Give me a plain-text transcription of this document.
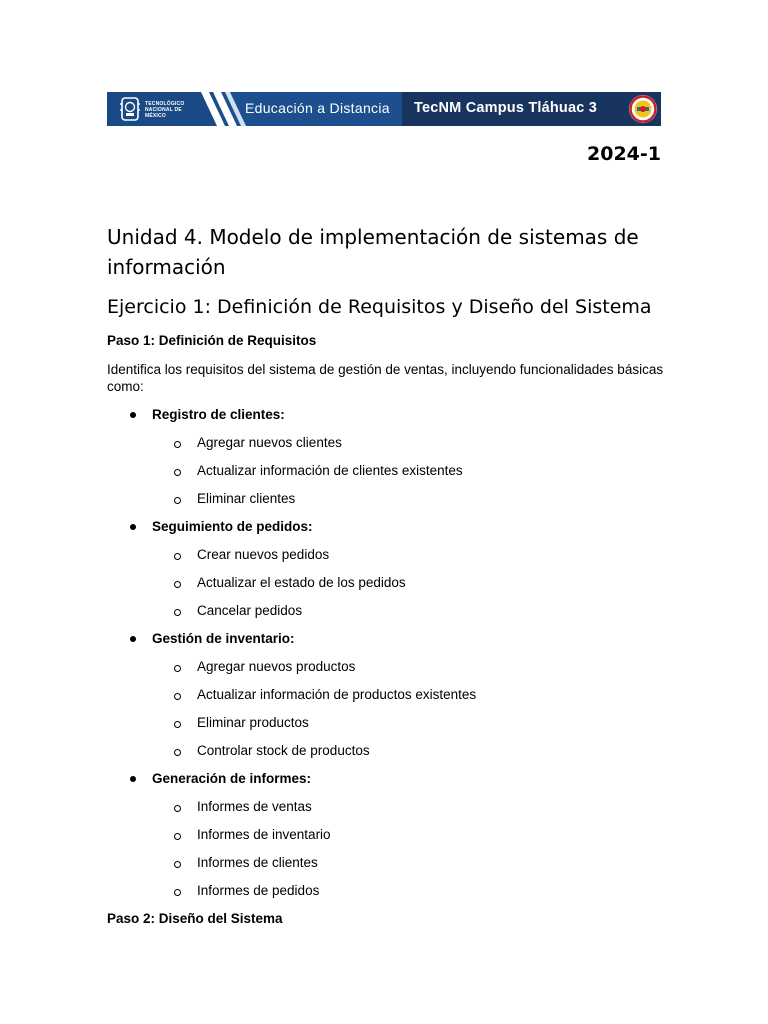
TECNOLÓGICO NACIONAL DE MÉXICO	Educación a Distancia TecNM Campus Tláhuac 3
2024-1
Unidad 4. Modelo de implementación de sistemas de información
Ejercicio 1: Definición de Requisitos y Diseño del Sistema
Paso 1: Definición de Requisitos
Identifica los requisitos del sistema de gestión de ventas, incluyendo funcionalidades básicas como:
Registro de clientes:
Agregar nuevos clientes
Actualizar información de clientes existentes
Eliminar clientes
Seguimiento de pedidos:
Crear nuevos pedidos
Actualizar el estado de los pedidos
Cancelar pedidos
Gestión de inventario:
Agregar nuevos productos
Actualizar información de productos existentes
Eliminar productos
Controlar stock de productos
Generación de informes:
Informes de ventas
Informes de inventario
Informes de clientes
Informes de pedidos
Paso 2: Diseño del Sistema
